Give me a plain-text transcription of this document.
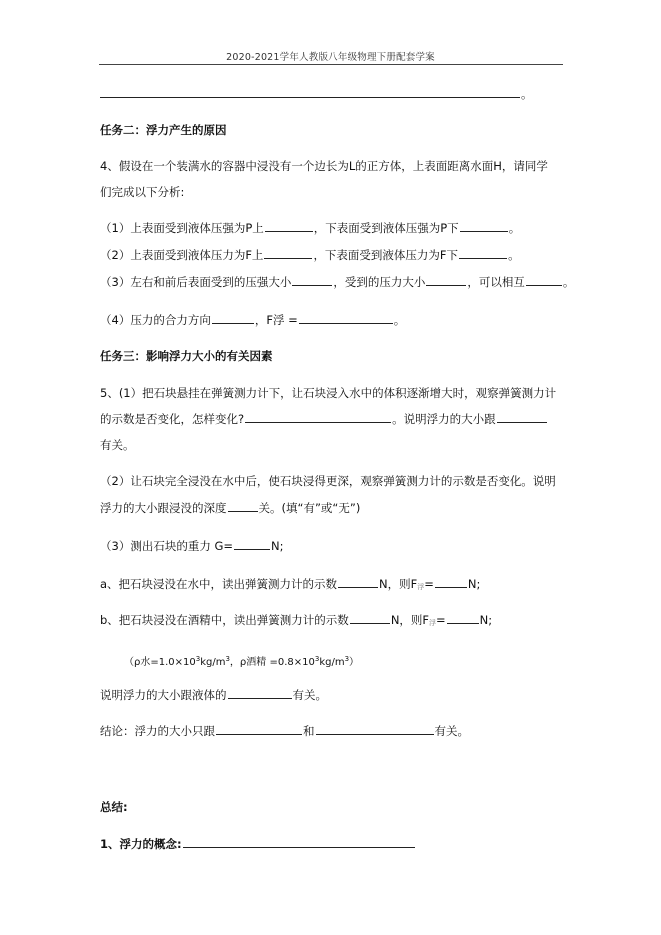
2020-2021学年人教版八年级物理下册配套学案
。
任务二：浮力产生的原因
4、假设在一个装满水的容器中浸没有一个边长为L的正方体，上表面距离水面H，请同学
们完成以下分析:
（1）上表面受到液体压强为P上	，下表面受到液体压强为P下	。
（2）上表面受到液体压力为F上	，下表面受到液体压力为F下	。
（3）左右和前后表面受到的压强大小	，受到的压力大小	，可以相互	。
（4）压力的合力方向	，F浮 =	。
任务三：影响浮力大小的有关因素
5、(1）把石块悬挂在弹簧测力计下，让石块浸入水中的体积逐渐增大时，观察弹簧测力计
的示数是否变化，怎样变化?	。说明浮力的大小跟
有关。
（2）让石块完全浸没在水中后，使石块浸得更深，观察弹簧测力计的示数是否变化。说明
浮力的大小跟浸没的深度	关。(填“有”或“无”)
（3）测出石块的重力 G=	N;
a、把石块浸没在水中，读出弹簧测力计的示数	N，则F浮=	N;
b、把石块浸没在酒精中，读出弹簧测力计的示数	N，则F浮=	N;
（ρ水$=1.0\times 10^3kg/m^3$，ρ酒精 $=0.8\times 10^3kg/m^3$）
说明浮力的大小跟液体的	有关。
结论：浮力的大小只跟	和	有关。
总结:
1、浮力的概念:
